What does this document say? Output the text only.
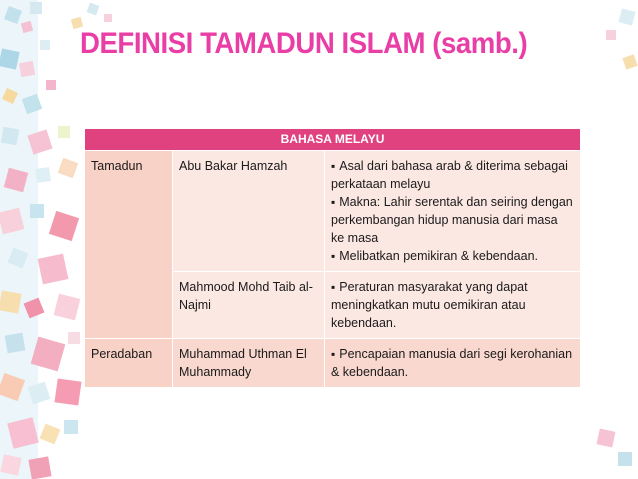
DEFINISI TAMADUN ISLAM (samb.)
BAHASA MELAYU		
Tamadun	Abu Bakar Hamzah	▪ Asal dari bahasa arab & diterima sebagai perkataan melayu
▪ Makna: Lahir serentak dan seiring dengan perkembangan hidup manusia dari masa ke masa
▪ Melibatkan pemikiran & kebendaan.

	Mahmood Mohd Taib al- Najmi	▪ Peraturan masyarakat yang dapat meningkatkan mutu oemikiran atau kebendaan.

Peradaban	Muhammad Uthman El Muhammady	▪ Pencapaian manusia dari segi kerohanian & kebendaan.
